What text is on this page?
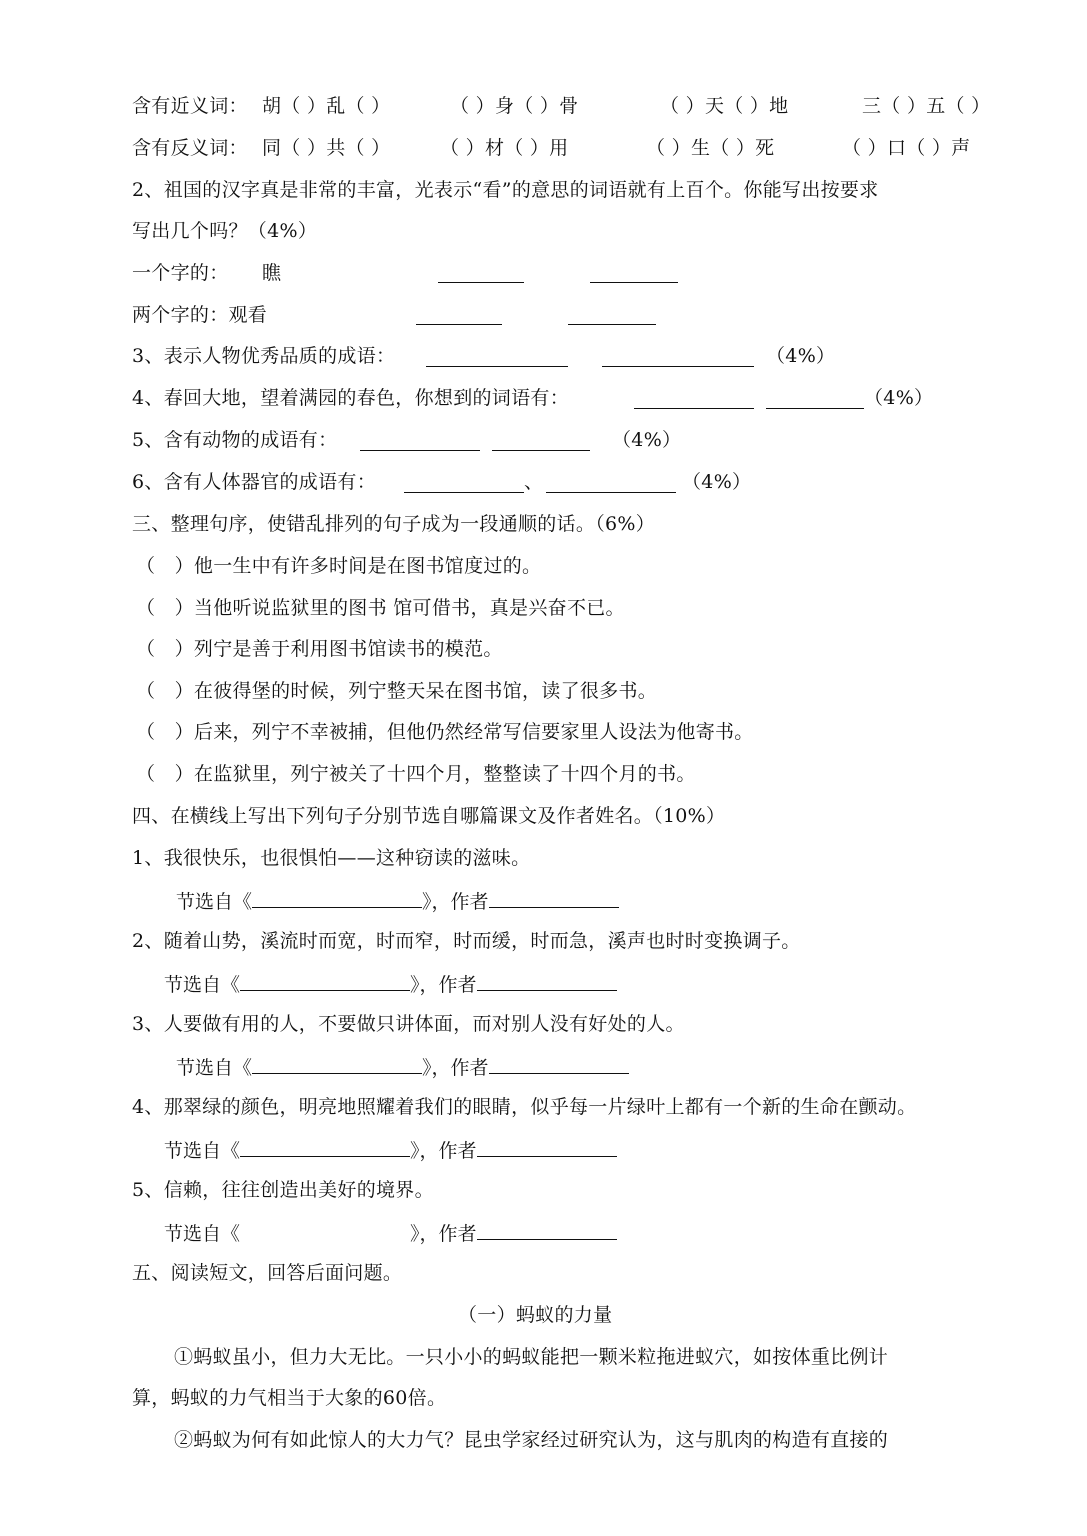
含有近义词： 胡（ ）乱（ ）	（ ）身（ ）骨	（ ）天（ ）地	三（ ）五（ ）
含有反义词： 同（ ）共（ ）	（ ）材（ ）用	（ ）生（ ）死	（ ）口（ ）声
2、祖国的汉字真是非常的丰富，光表示“看”的意思的词语就有上百个。你能写出按要求
写出几个吗？（4%）
一个字的： 瞧
两个字的：观看
3、表示人物优秀品质的成语：	（4%）
4、春回大地，望着满园的春色，你想到的词语有：	（4%）
5、含有动物的成语有：	（4%）
6、含有人体器官的成语有：	、	（4%）
三、整理句序，使错乱排列的句子成为一段通顺的话。（6%）
（　）他一生中有许多时间是在图书馆度过的。
（　）当他听说监狱里的图书 馆可借书，真是兴奋不已。
（　）列宁是善于利用图书馆读书的模范。
（　）在彼得堡的时候，列宁整天呆在图书馆，读了很多书。
（　）后来，列宁不幸被捕，但他仍然经常写信要家里人设法为他寄书。
（　）在监狱里，列宁被关了十四个月，整整读了十四个月的书。
四、在横线上写出下列句子分别节选自哪篇课文及作者姓名。（10%）
1、我很快乐，也很惧怕——这种窃读的滋味。
节选自《	》，作者
2、随着山势，溪流时而宽，时而窄，时而缓，时而急，溪声也时时变换调子。
节选自《	》，作者
3、人要做有用的人，不要做只讲体面，而对别人没有好处的人。
节选自《	》，作者
4、那翠绿的颜色，明亮地照耀着我们的眼睛，似乎每一片绿叶上都有一个新的生命在颤动。
节选自《	》，作者
5、信赖，往往创造出美好的境界。
节选自《	》，作者
五、阅读短文，回答后面问题。
（一）蚂蚁的力量
①蚂蚁虽小，但力大无比。一只小小的蚂蚁能把一颗米粒拖进蚁穴，如按体重比例计
算，蚂蚁的力气相当于大象的60倍。
②蚂蚁为何有如此惊人的大力气？昆虫学家经过研究认为，这与肌肉的构造有直接的
